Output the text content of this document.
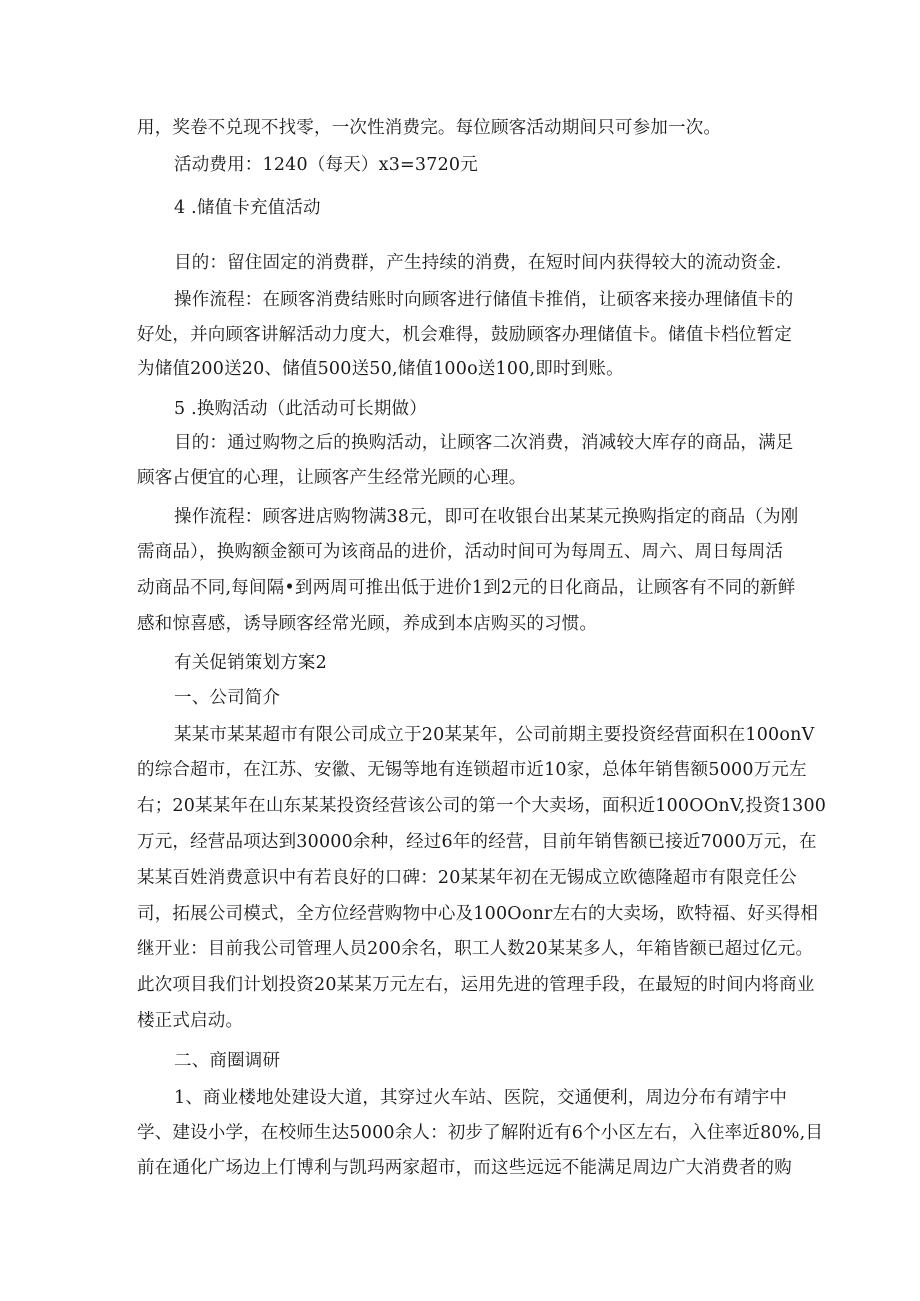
用，奖卷不兑现不找零，一次性消费完。每位顾客活动期间只可参加一次。
活动费用：1240（每天）x3=3720元
4 .储值卡充值活动
目的：留住固定的消费群，产生持续的消费，在短时间内获得较大的流动资金.
操作流程：在顾客消费结账时向顾客进行储值卡推俏，让硕客来接办理储值卡的
好处，并向顾客讲解活动力度大，机会难得，鼓励顾客办理储值卡。储值卡档位暂定
为储值200送20、储值500送50,储值100o送100,即时到账。
5 .换购活动（此活动可长期做）
目的：通过购物之后的换购活动，让顾客二次消费，消减较大库存的商品，满足
顾客占便宜的心理，让顾客产生经常光顾的心理。
操作流程：顾客进店购物满38元，即可在收银台出某某元换购指定的商品（为刚
需商品），换购额金额可为该商品的进价，活动时间可为每周五、周六、周日每周活
动商品不同,每间隔•到两周可推出低于进价1到2元的日化商品，让顾客有不同的新鲜
感和惊喜感，诱导顾客经常光顾，养成到本店购买的习惯。
有关促销策划方案2
一、公司简介
某某市某某超市有限公司成立于20某某年，公司前期主要投资经营面积在100onV
的综合超市，在江苏、安徽、无锡等地有连锁超市近10家，总体年销售额5000万元左
右；20某某年在山东某某投资经营该公司的第一个大卖场，面积近100OOnV,投资1300
万元，经营品项达到30000余种，经过6年的经营，目前年销售额已接近7000万元，在
某某百姓消费意识中有若良好的口碑：20某某年初在无锡成立欧德隆超市有限竞任公
司，拓展公司模式，全方位经营购物中心及100Oonr左右的大卖场，欧特福、好买得相
继开业：目前我公司管理人员200余名，职工人数20某某多人，年箱皆额已超过亿元。
此次项目我们计划投资20某某万元左右，运用先进的管理手段，在最短的时间内将商业
楼正式启动。
二、商圈调研
1、商业楼地处建设大道，其穿过火车站、医院，交通便利，周边分布有靖宇中
学、建设小学，在校师生达5000余人：初步了解附近有6个小区左右，入住率近80%,目
前在通化广场边上仃博利与凯玛两家超市，而这些远远不能满足周边广大消费者的购
